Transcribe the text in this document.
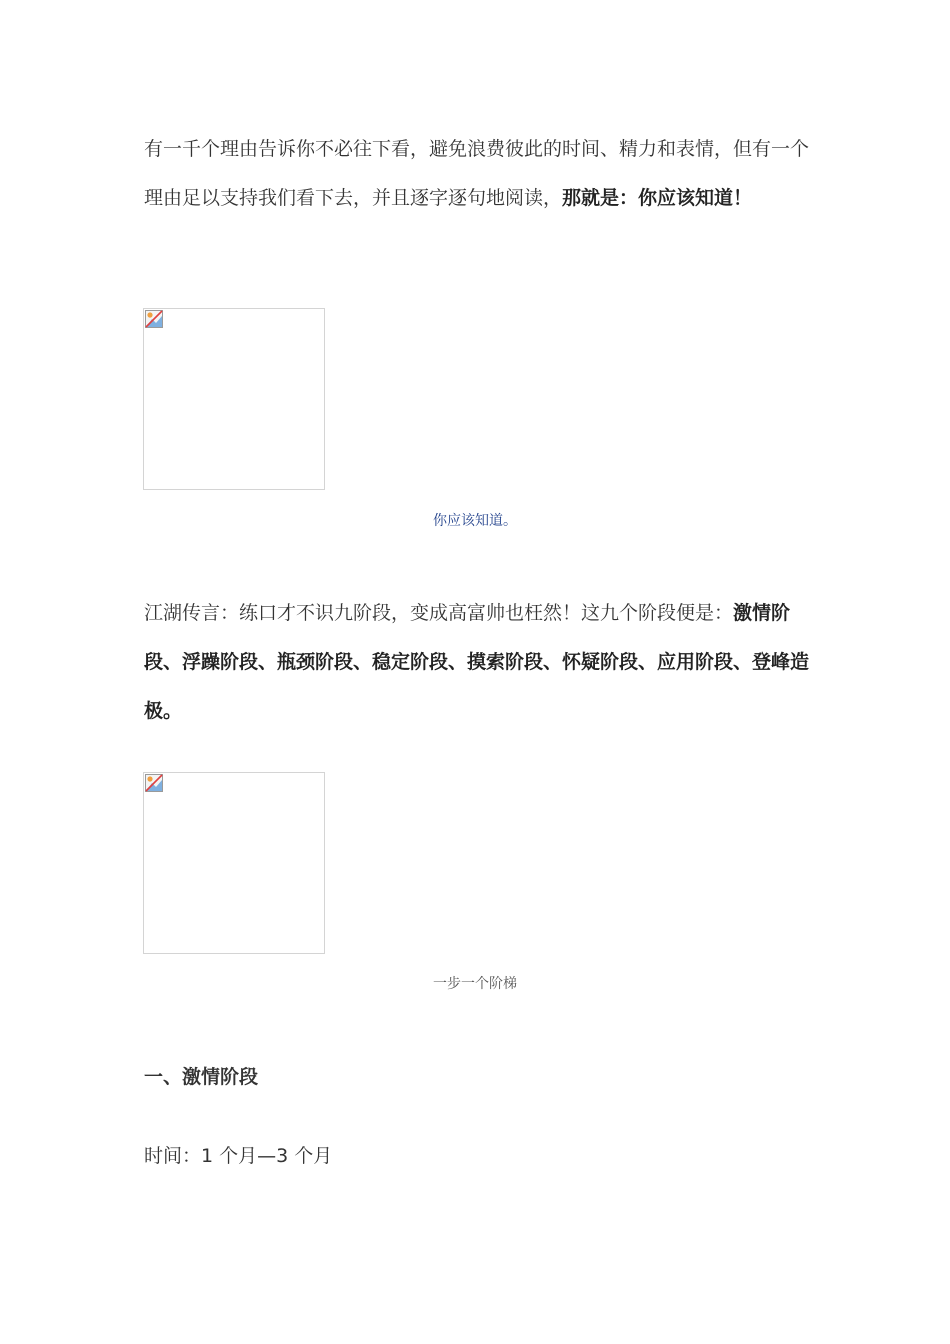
有一千个理由告诉你不必往下看，避免浪费彼此的时间、精力和表情，但有一个理由足以支持我们看下去，并且逐字逐句地阅读，那就是：你应该知道！

你应该知道。

江湖传言：练口才不识九阶段，变成高富帅也枉然！这九个阶段便是：激情阶段、浮躁阶段、瓶颈阶段、稳定阶段、摸索阶段、怀疑阶段、应用阶段、登峰造极。

一步一个阶梯

一、激情阶段

时间：1 个月—3 个月
